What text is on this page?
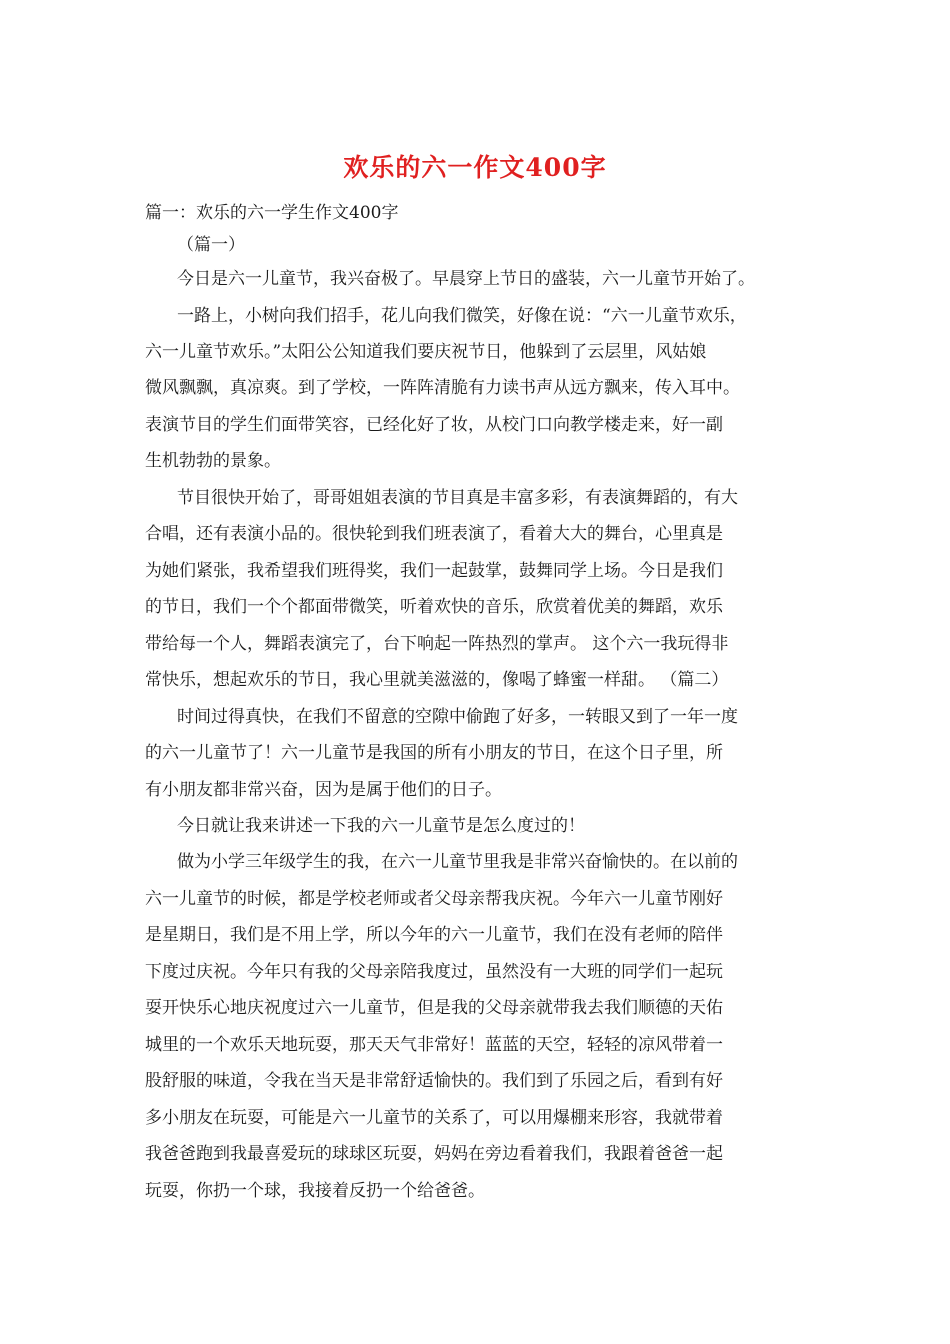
欢乐的六一作文400字
篇一：欢乐的六一学生作文400字
（篇一）
今日是六一儿童节，我兴奋极了。早晨穿上节日的盛装，六一儿童节开始了。
一路上，小树向我们招手，花儿向我们微笑，好像在说：“六一儿童节欢乐，
六一儿童节欢乐。”太阳公公知道我们要庆祝节日，他躲到了云层里，风姑娘
微风飘飘，真凉爽。到了学校，一阵阵清脆有力读书声从远方飘来，传入耳中。
表演节目的学生们面带笑容，已经化好了妆，从校门口向教学楼走来，好一副
生机勃勃的景象。
节目很快开始了，哥哥姐姐表演的节目真是丰富多彩，有表演舞蹈的，有大
合唱，还有表演小品的。很快轮到我们班表演了，看着大大的舞台，心里真是
为她们紧张，我希望我们班得奖，我们一起鼓掌，鼓舞同学上场。今日是我们
的节日，我们一个个都面带微笑，听着欢快的音乐，欣赏着优美的舞蹈，欢乐
带给每一个人，舞蹈表演完了，台下响起一阵热烈的掌声。 这个六一我玩得非
常快乐，想起欢乐的节日，我心里就美滋滋的，像喝了蜂蜜一样甜。 （篇二）
时间过得真快，在我们不留意的空隙中偷跑了好多，一转眼又到了一年一度
的六一儿童节了！六一儿童节是我国的所有小朋友的节日，在这个日子里，所
有小朋友都非常兴奋，因为是属于他们的日子。
今日就让我来讲述一下我的六一儿童节是怎么度过的！
做为小学三年级学生的我，在六一儿童节里我是非常兴奋愉快的。在以前的
六一儿童节的时候，都是学校老师或者父母亲帮我庆祝。今年六一儿童节刚好
是星期日，我们是不用上学，所以今年的六一儿童节，我们在没有老师的陪伴
下度过庆祝。今年只有我的父母亲陪我度过，虽然没有一大班的同学们一起玩
耍开快乐心地庆祝度过六一儿童节，但是我的父母亲就带我去我们顺德的天佑
城里的一个欢乐天地玩耍，那天天气非常好！蓝蓝的天空，轻轻的凉风带着一
股舒服的味道，令我在当天是非常舒适愉快的。我们到了乐园之后，看到有好
多小朋友在玩耍，可能是六一儿童节的关系了，可以用爆棚来形容，我就带着
我爸爸跑到我最喜爱玩的球球区玩耍，妈妈在旁边看着我们，我跟着爸爸一起
玩耍，你扔一个球，我接着反扔一个给爸爸。
